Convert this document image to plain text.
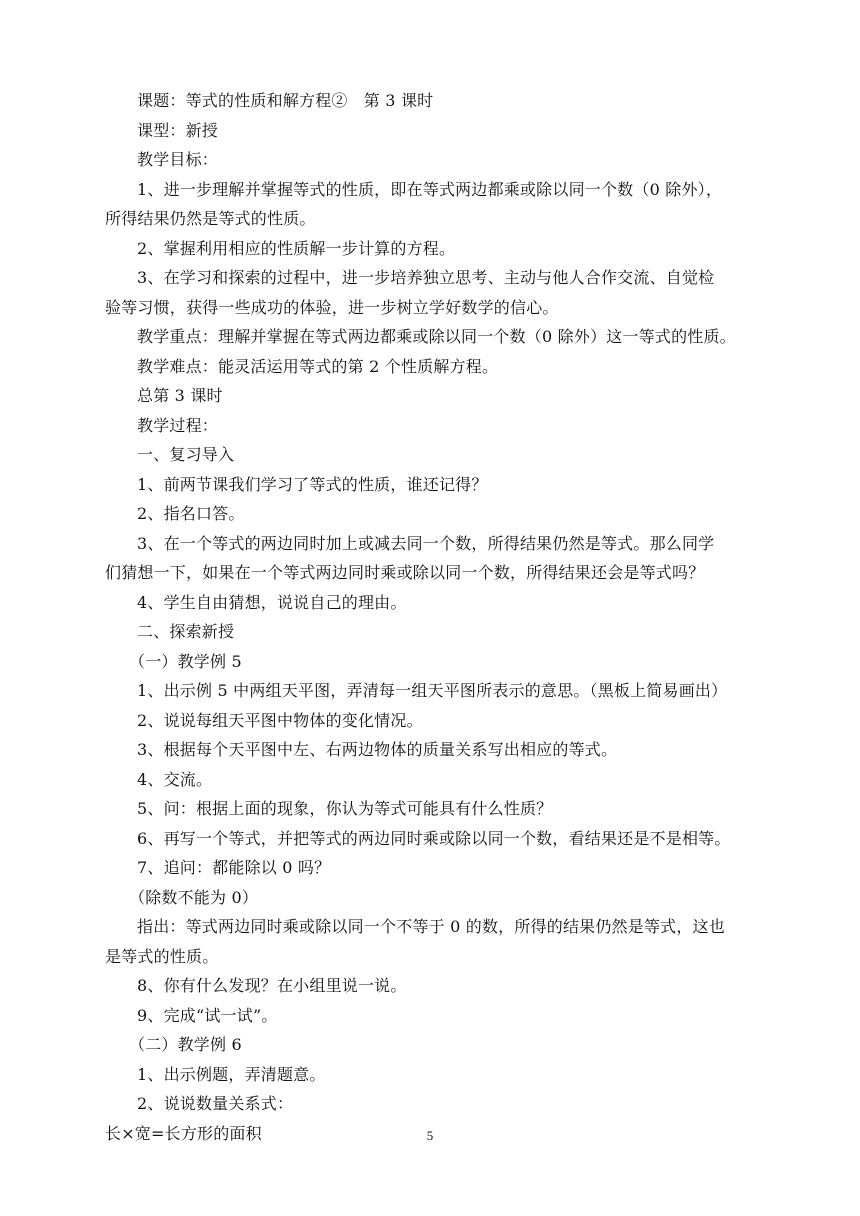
课题：等式的性质和解方程②　第 3 课时
课型：新授
教学目标：
1、进一步理解并掌握等式的性质，即在等式两边都乘或除以同一个数（0 除外），
所得结果仍然是等式的性质。
2、掌握利用相应的性质解一步计算的方程。
3、在学习和探索的过程中，进一步培养独立思考、主动与他人合作交流、自觉检
验等习惯，获得一些成功的体验，进一步树立学好数学的信心。
教学重点：理解并掌握在等式两边都乘或除以同一个数（0 除外）这一等式的性质。
教学难点：能灵活运用等式的第 2 个性质解方程。
总第 3 课时
教学过程：
一、复习导入
1、前两节课我们学习了等式的性质，谁还记得？
2、指名口答。
3、在一个等式的两边同时加上或减去同一个数，所得结果仍然是等式。那么同学
们猜想一下，如果在一个等式两边同时乘或除以同一个数，所得结果还会是等式吗？
4、学生自由猜想，说说自己的理由。
二、探索新授
（一）教学例 5
1、出示例 5 中两组天平图，弄清每一组天平图所表示的意思。（黑板上简易画出）
2、说说每组天平图中物体的变化情况。
3、根据每个天平图中左、右两边物体的质量关系写出相应的等式。
4、交流。
5、问：根据上面的现象，你认为等式可能具有什么性质？
6、再写一个等式，并把等式的两边同时乘或除以同一个数，看结果还是不是相等。
7、追问：都能除以 0 吗？
（除数不能为 0）
指出：等式两边同时乘或除以同一个不等于 0 的数，所得的结果仍然是等式，这也
是等式的性质。
8、你有什么发现？在小组里说一说。
9、完成“试一试”。
（二）教学例 6
1、出示例题，弄清题意。
2、说说数量关系式：
长×宽=长方形的面积	5
